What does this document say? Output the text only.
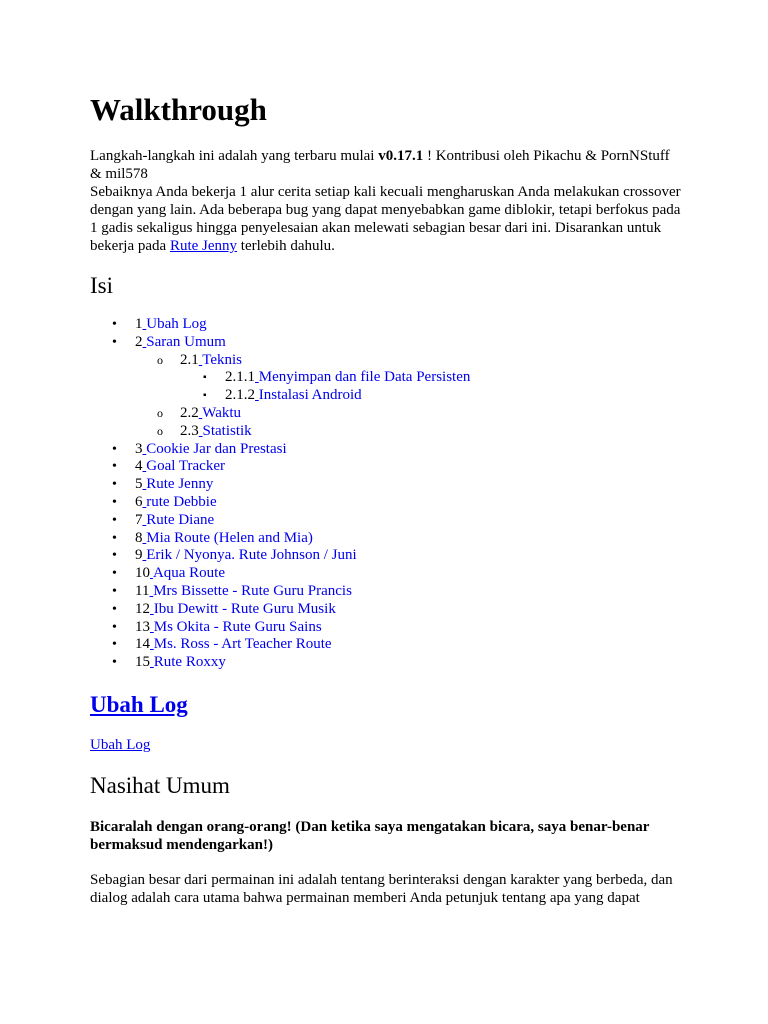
Walkthrough

Langkah-langkah ini adalah yang terbaru mulai v0.17.1 ! Kontribusi oleh Pikachu & PornNStuff & mil578

Sebaiknya Anda bekerja 1 alur cerita setiap kali kecuali mengharuskan Anda melakukan crossover dengan yang lain. Ada beberapa bug yang dapat menyebabkan game diblokir, tetapi berfokus pada 1 gadis sekaligus hingga penyelesaian akan melewati sebagian besar dari ini. Disarankan untuk bekerja pada Rute Jenny terlebih dahulu.

Isi
• 1 Ubah Log
• 2 Saran Umum
o 2.1 Teknis
▪ 2.1.1 Menyimpan dan file Data Persisten
▪ 2.1.2 Instalasi Android
o 2.2 Waktu
o 2.3 Statistik
• 3 Cookie Jar dan Prestasi
• 4 Goal Tracker
• 5 Rute Jenny
• 6 rute Debbie
• 7 Rute Diane
• 8 Mia Route (Helen and Mia)
• 9 Erik / Nyonya. Rute Johnson / Juni
• 10 Aqua Route
• 11 Mrs Bissette - Rute Guru Prancis
• 12 Ibu Dewitt - Rute Guru Musik
• 13 Ms Okita - Rute Guru Sains
• 14 Ms. Ross - Art Teacher Route
• 15 Rute Roxxy
Ubah Log
Ubah Log
Nasihat Umum

Bicaralah dengan orang-orang! (Dan ketika saya mengatakan bicara, saya benar-benar bermaksud mendengarkan!)

Sebagian besar dari permainan ini adalah tentang berinteraksi dengan karakter yang berbeda, dan dialog adalah cara utama bahwa permainan memberi Anda petunjuk tentang apa yang dapat
